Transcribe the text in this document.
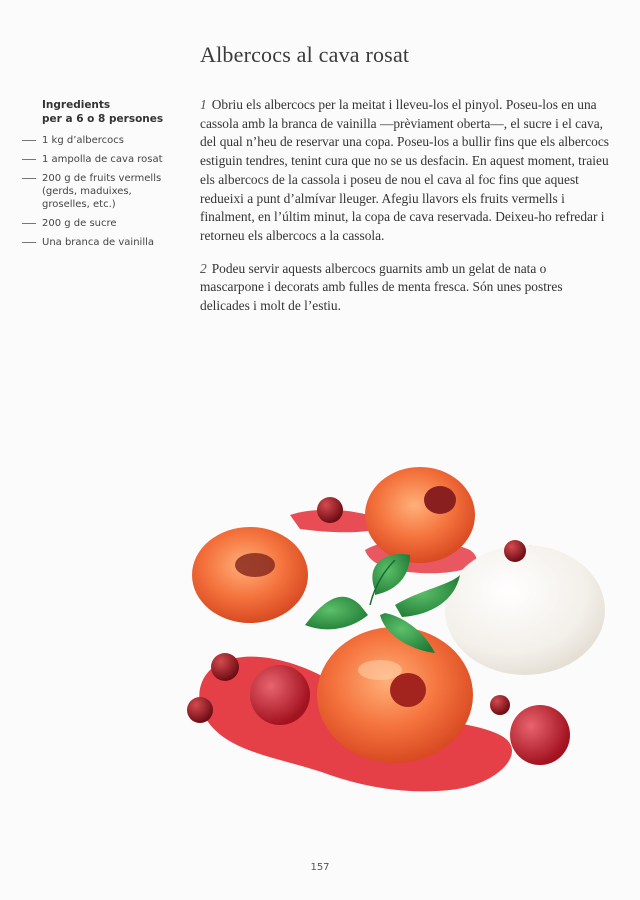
Albercocs al cava rosat

Ingredients
per a 6 o 8 persones

1 kg d’albercocs
1 ampolla de cava rosat
200 g de fruits vermells (gerds, maduixes, groselles, etc.)
200 g de sucre
Una branca de vainilla

1 Obriu els albercocs per la meitat i lleveu-los el pinyol. Poseu-los en una cassola amb la branca de vainilla —prèviament oberta—, el sucre i el cava, del qual n’heu de reservar una copa. Poseu-los a bullir fins que els albercocs estiguin tendres, tenint cura que no se us desfacin. En aquest moment, traieu els albercocs de la cassola i poseu de nou el cava al foc fins que aquest redueixi a punt d’almívar lleuger. Afegiu llavors els fruits vermells i finalment, en l’últim minut, la copa de cava reservada. Deixeu-ho refredar i retorneu els albercocs a la cassola.

2 Podeu servir aquests albercocs guarnits amb un gelat de nata o mascarpone i decorats amb fulles de menta fresca. Són unes postres delicades i molt de l’estiu.

157
